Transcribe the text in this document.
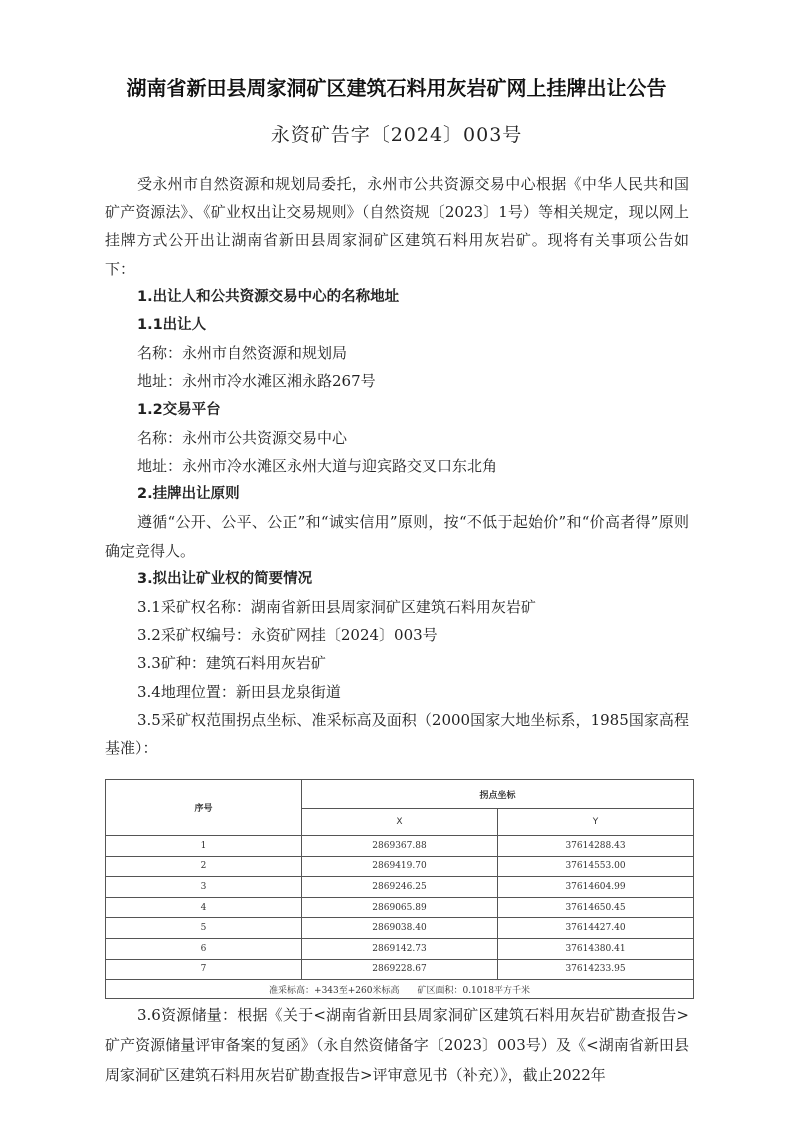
湖南省新田县周家洞矿区建筑石料用灰岩矿网上挂牌出让公告
永资矿告字〔2024〕003号

受永州市自然资源和规划局委托，永州市公共资源交易中心根据《中华人民共和国矿产资源法》、《矿业权出让交易规则》（自然资规〔2023〕1号）等相关规定，现以网上挂牌方式公开出让湖南省新田县周家洞矿区建筑石料用灰岩矿。现将有关事项公告如下：

1.出让人和公共资源交易中心的名称地址

1.1出让人

名称：永州市自然资源和规划局

地址：永州市冷水滩区湘永路267号

1.2交易平台

名称：永州市公共资源交易中心

地址：永州市冷水滩区永州大道与迎宾路交叉口东北角

2.挂牌出让原则

遵循“公开、公平、公正”和“诚实信用”原则，按“不低于起始价”和“价高者得”原则确定竞得人。

3.拟出让矿业权的简要情况

3.1采矿权名称：湖南省新田县周家洞矿区建筑石料用灰岩矿

3.2采矿权编号：永资矿网挂〔2024〕003号

3.3矿种：建筑石料用灰岩矿

3.4地理位置：新田县龙泉街道

3.5采矿权范围拐点坐标、准采标高及面积（2000国家大地坐标系，1985国家高程基准）：

序号	拐点坐标	
	X	Y
1	2869367.88	37614288.43
2	2869419.70	37614553.00
3	2869246.25	37614604.99
4	2869065.89	37614650.45
5	2869038.40	37614427.40
6	2869142.73	37614380.41
7	2869228.67	37614233.95
准采标高：+343至+260米标高　　矿区面积：0.1018平方千米		

3.6资源储量：根据《关于<湖南省新田县周家洞矿区建筑石料用灰岩矿勘查报告>矿产资源储量评审备案的复函》（永自然资储备字〔2023〕003号）及《<湖南省新田县周家洞矿区建筑石料用灰岩矿勘查报告>评审意见书（补充）》，截止2022年
